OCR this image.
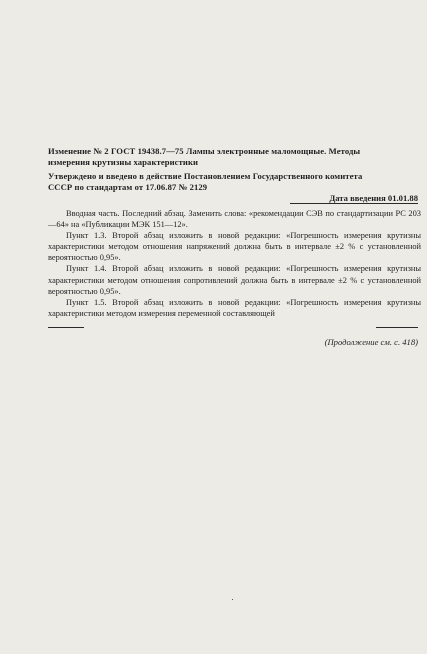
Изменение № 2 ГОСТ 19438.7—75 Лампы электронные маломощные. Методы
измерения крутизны характеристики
Утверждено и введено в действие Постановлением Государственного комитета
СССР по стандартам от 17.06.87 № 2129
Дата введения 01.01.88

Вводная часть. Последний абзац. Заменить слова: «рекомендации СЭВ по стандартизации РС 203—64» на «Публикации МЭК 151—12».

Пункт 1.3. Второй абзац изложить в новой редакции: «Погрешность измерения крутизны характеристики методом отношения напряжений должна быть в интервале ±2 % с установленной вероятностью 0,95».

Пункт 1.4. Второй абзац изложить в новой редакции: «Погрешность измерения крутизны характеристики методом отношения сопротивлений должна быть в интервале ±2 % с установленной вероятностью 0,95».

Пункт 1.5. Второй абзац изложить в новой редакции: «Погрешность измерения крутизны характеристики методом измерения переменной составляющей

(Продолжение см. с. 418)
